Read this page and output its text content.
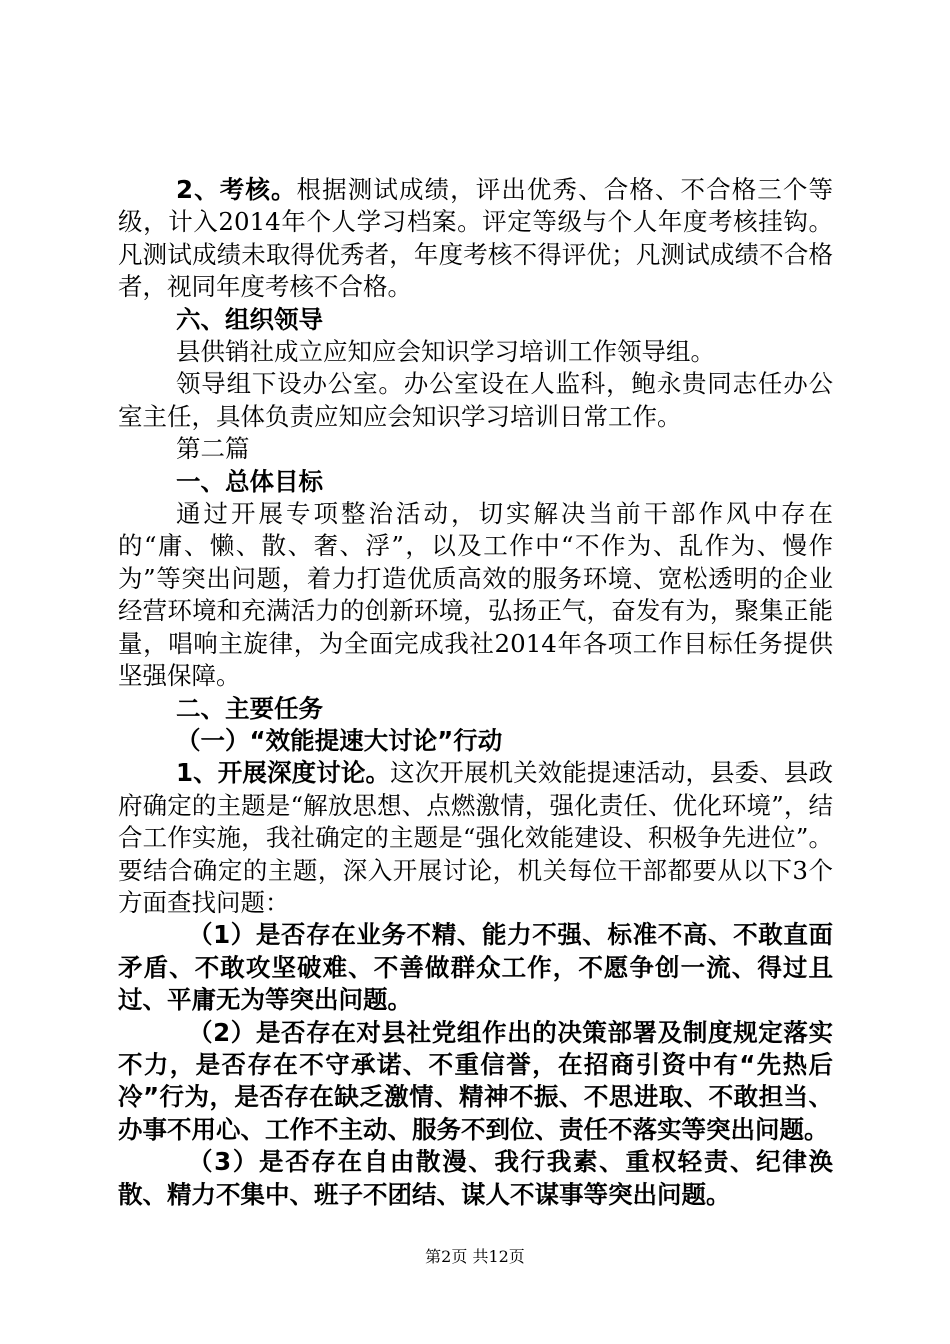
2、考核。根据测试成绩，评出优秀、合格、不合格三个等级，计入2014年个人学习档案。评定等级与个人年度考核挂钩。凡测试成绩未取得优秀者，年度考核不得评优；凡测试成绩不合格者，视同年度考核不合格。

六、组织领导

县供销社成立应知应会知识学习培训工作领导组。

领导组下设办公室。办公室设在人监科，鲍永贵同志任办公室主任，具体负责应知应会知识学习培训日常工作。

第二篇

一、总体目标

通过开展专项整治活动，切实解决当前干部作风中存在的“庸、懒、散、奢、浮”，以及工作中“不作为、乱作为、慢作为”等突出问题，着力打造优质高效的服务环境、宽松透明的企业经营环境和充满活力的创新环境，弘扬正气，奋发有为，聚集正能量，唱响主旋律，为全面完成我社2014年各项工作目标任务提供坚强保障。

二、主要任务

（一）“效能提速大讨论”行动

1、开展深度讨论。这次开展机关效能提速活动，县委、县政府确定的主题是“解放思想、点燃激情，强化责任、优化环境”，结合工作实施，我社确定的主题是“强化效能建设、积极争先进位”。要结合确定的主题，深入开展讨论，机关每位干部都要从以下3个方面查找问题：

（1）是否存在业务不精、能力不强、标准不高、不敢直面矛盾、不敢攻坚破难、不善做群众工作，不愿争创一流、得过且过、平庸无为等突出问题。

（2）是否存在对县社党组作出的决策部署及制度规定落实不力，是否存在不守承诺、不重信誉，在招商引资中有“先热后冷”行为，是否存在缺乏激情、精神不振、不思进取、不敢担当、办事不用心、工作不主动、服务不到位、责任不落实等突出问题。

（3）是否存在自由散漫、我行我素、重权轻责、纪律涣散、精力不集中、班子不团结、谋人不谋事等突出问题。

第2页 共12页
